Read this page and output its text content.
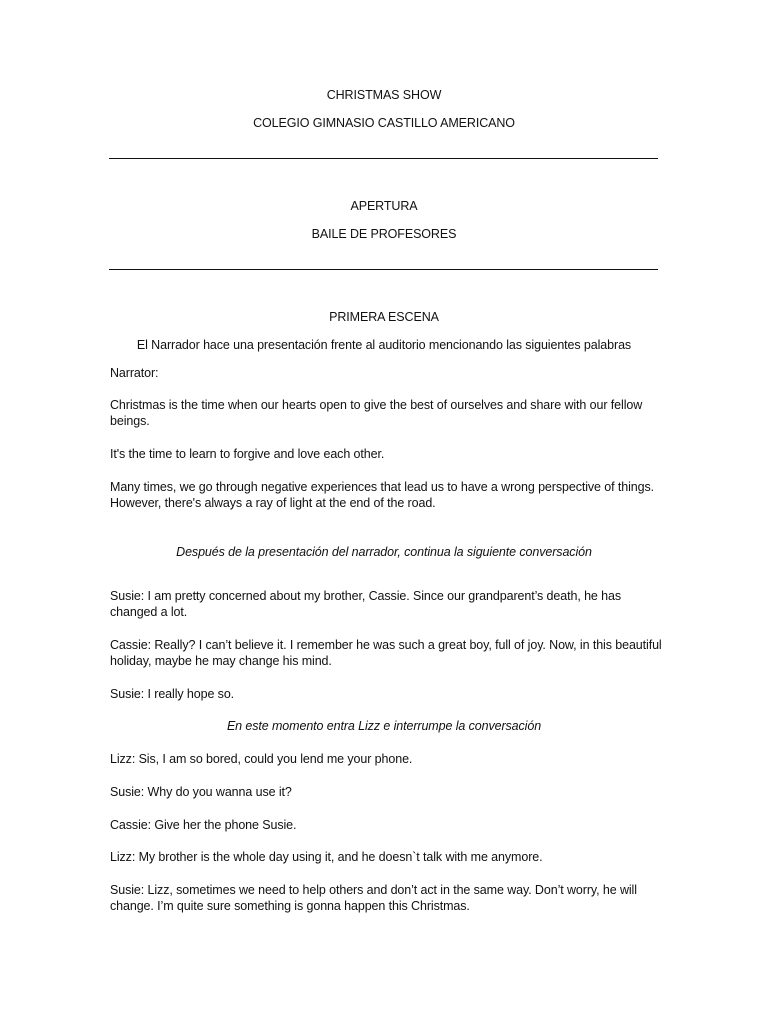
CHRISTMAS SHOW

COLEGIO GIMNASIO CASTILLO AMERICANO

APERTURA

BAILE DE PROFESORES

PRIMERA ESCENA

El Narrador hace una presentación frente al auditorio mencionando las siguientes palabras

Narrator:

Christmas is the time when our hearts open to give the best of ourselves and share with our fellow beings.

It's the time to learn to forgive and love each other.

Many times, we go through negative experiences that lead us to have a wrong perspective of things. However, there's always a ray of light at the end of the road.

Después de la presentación del narrador, continua la siguiente conversación

Susie: I am pretty concerned about my brother, Cassie. Since our grandparent’s death, he has changed a lot.

Cassie: Really? I can’t believe it. I remember he was such a great boy, full of joy. Now, in this beautiful holiday, maybe he may change his mind.

Susie: I really hope so.

En este momento entra Lizz e interrumpe la conversación

Lizz: Sis, I am so bored, could you lend me your phone.

Susie: Why do you wanna use it?

Cassie: Give her the phone Susie.

Lizz: My brother is the whole day using it, and he doesn`t talk with me anymore.

Susie: Lizz, sometimes we need to help others and don’t act in the same way. Don’t worry, he will change. I’m quite sure something is gonna happen this Christmas.
